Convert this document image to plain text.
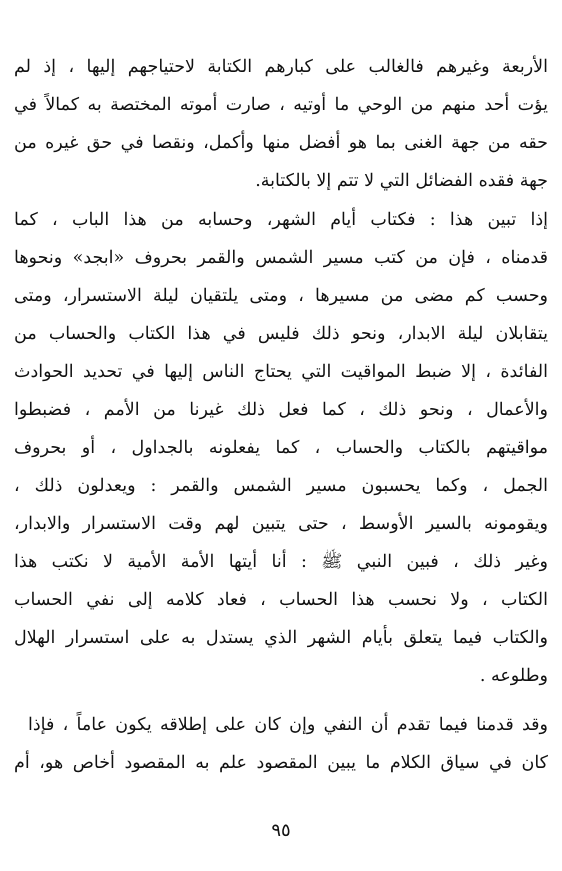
الأربعة وغيرهم فالغالب على كبارهم الكتابة لاحتياجهم إليها ، إذ لم
يؤت أحد منهم من الوحي ما أوتيه ، صارت أموته المختصة به كمالاً في
حقه من جهة الغنى بما هو أفضل منها وأكمل، ونقصا في حق غيره من
جهة فقده الفضائل التي لا تتم إلا بالكتابة.
إذا تبين هذا : فكتاب أيام الشهر، وحسابه من هذا الباب ، كما
قدمناه ، فإن من كتب مسير الشمس والقمر بحروف «ابجد» ونحوها
وحسب كم مضى من مسيرها ، ومتى يلتقيان ليلة الاستسرار، ومتى
يتقابلان ليلة الابدار، ونحو ذلك فليس في هذا الكتاب والحساب من
الفائدة ، إلا ضبط المواقيت التي يحتاج الناس إليها في تحديد الحوادث
والأعمال ، ونحو ذلك ، كما فعل ذلك غيرنا من الأمم ، فضبطوا
مواقيتهم بالكتاب والحساب ، كما يفعلونه بالجداول ، أو بحروف
الجمل ، وكما يحسبون مسير الشمس والقمر : ويعدلون ذلك ،
ويقومونه بالسير الأوسط ، حتى يتبين لهم وقت الاستسرار والابدار،
وغير ذلك ، فبين النبي ﷺ : أنا أيتها الأمة الأمية لا نكتب هذا
الكتاب ، ولا نحسب هذا الحساب ، فعاد كلامه إلى نفي الحساب
والكتاب فيما يتعلق بأيام الشهر الذي يستدل به على استسرار الهلال
وطلوعه .
وقد قدمنا فيما تقدم أن النفي وإن كان على إطلاقه يكون عاماً ، فإذا
كان في سياق الكلام ما يبين المقصود علم به المقصود أخاص هو، أم
٩٥
